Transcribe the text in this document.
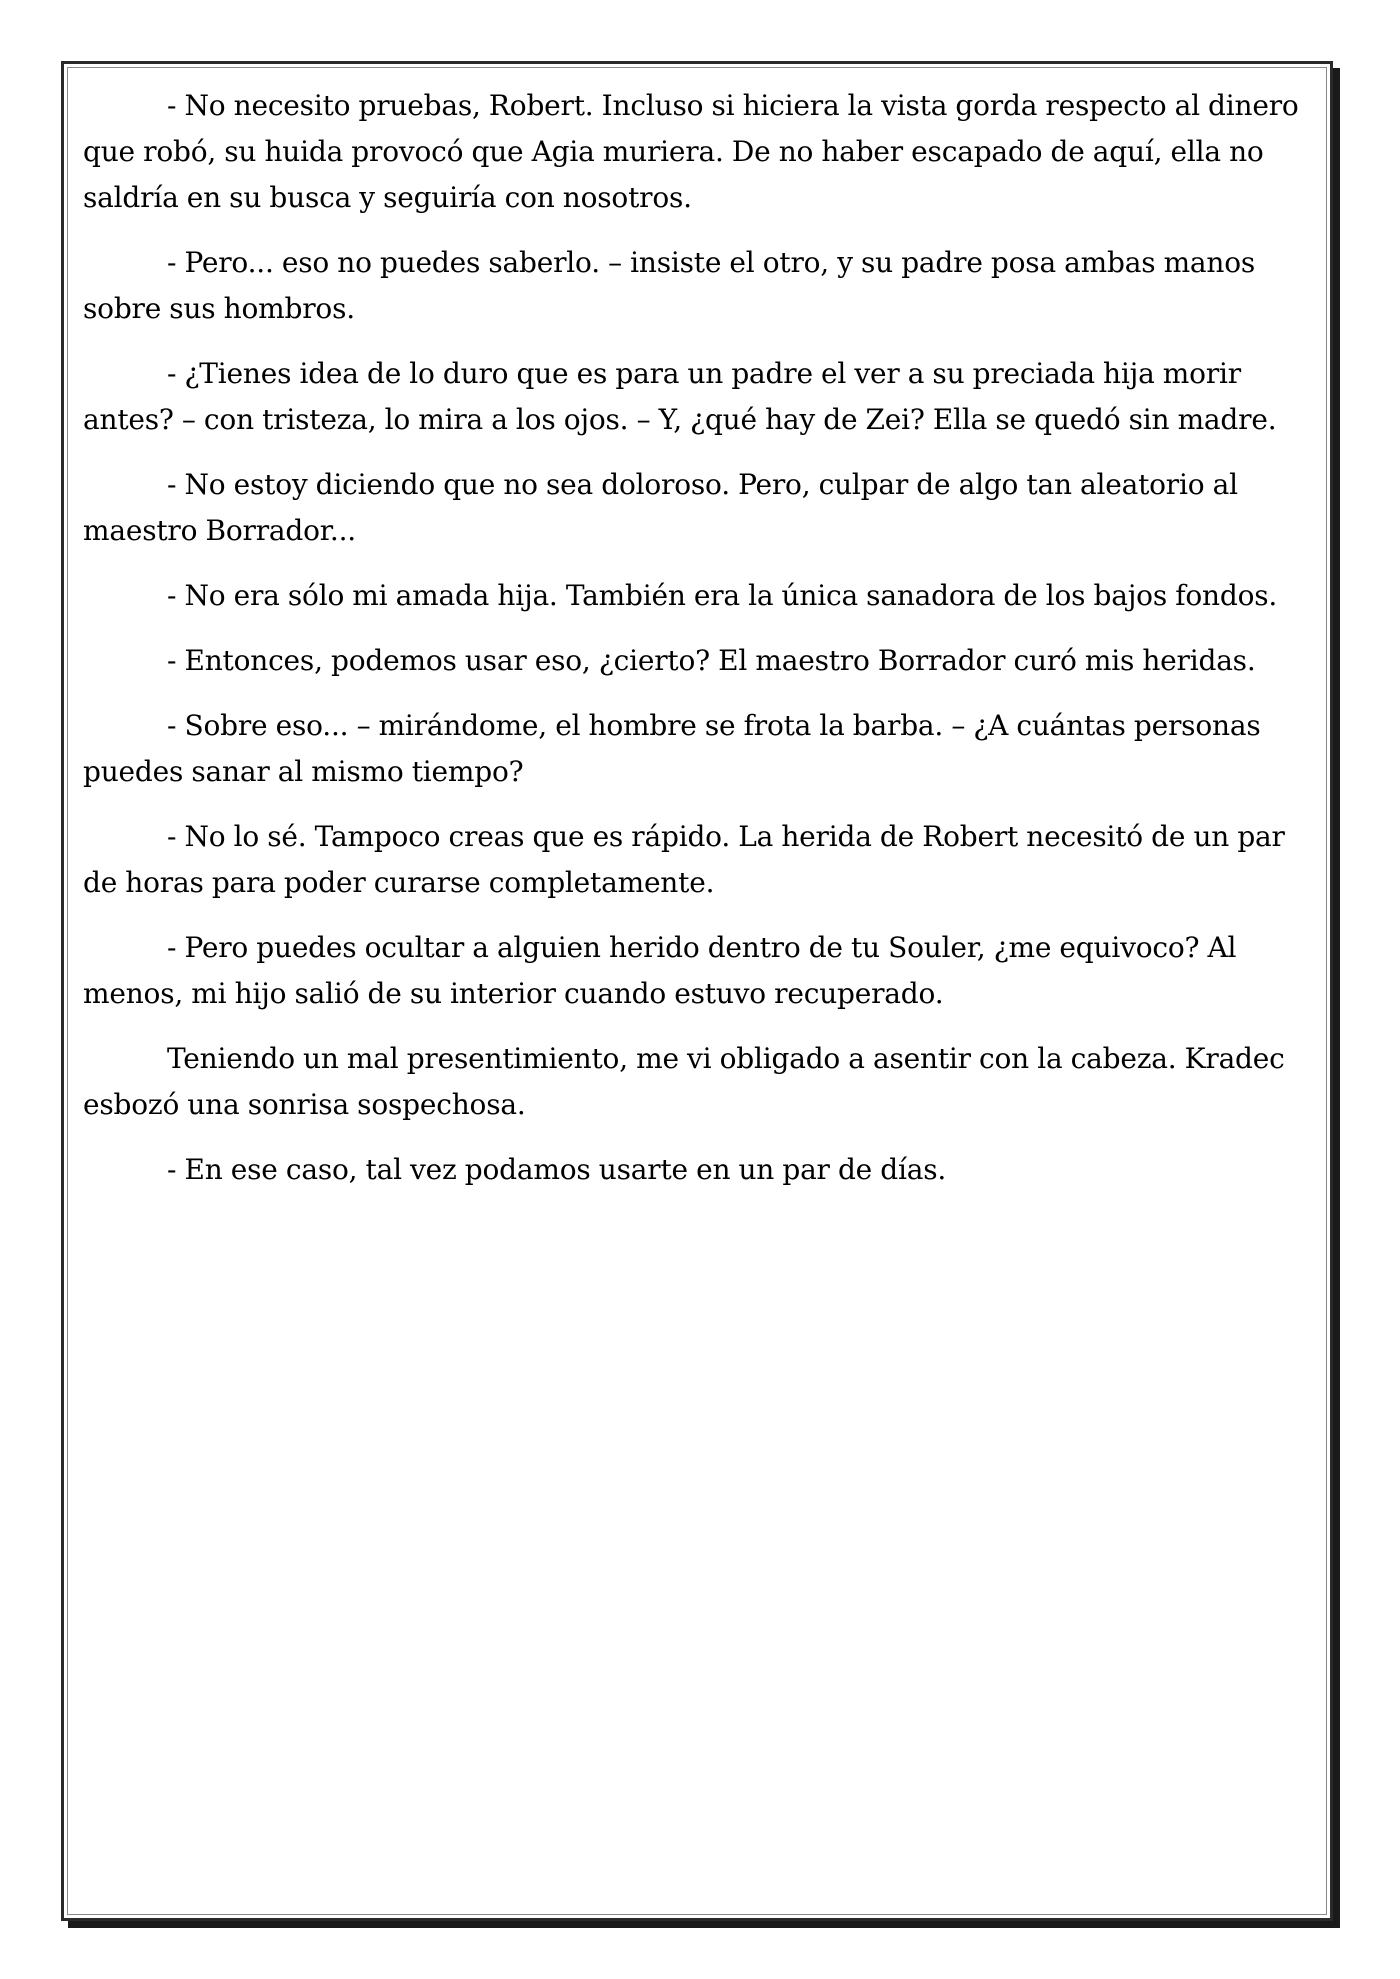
- No necesito pruebas, Robert. Incluso si hiciera la vista gorda respecto al dinero que robó, su huida provocó que Agia muriera. De no haber escapado de aquí, ella no saldría en su busca y seguiría con nosotros.

- Pero... eso no puedes saberlo. – insiste el otro, y su padre posa ambas manos sobre sus hombros.

- ¿Tienes idea de lo duro que es para un padre el ver a su preciada hija morir antes? – con tristeza, lo mira a los ojos. – Y, ¿qué hay de Zei? Ella se quedó sin madre.

- No estoy diciendo que no sea doloroso. Pero, culpar de algo tan aleatorio al maestro Borrador...

- No era sólo mi amada hija. También era la única sanadora de los bajos fondos.

- Entonces, podemos usar eso, ¿cierto? El maestro Borrador curó mis heridas.

- Sobre eso... – mirándome, el hombre se frota la barba. – ¿A cuántas personas puedes sanar al mismo tiempo?

- No lo sé. Tampoco creas que es rápido. La herida de Robert necesitó de un par de horas para poder curarse completamente.

- Pero puedes ocultar a alguien herido dentro de tu Souler, ¿me equivoco? Al menos, mi hijo salió de su interior cuando estuvo recuperado.

Teniendo un mal presentimiento, me vi obligado a asentir con la cabeza. Kradec esbozó una sonrisa sospechosa.

- En ese caso, tal vez podamos usarte en un par de días.
